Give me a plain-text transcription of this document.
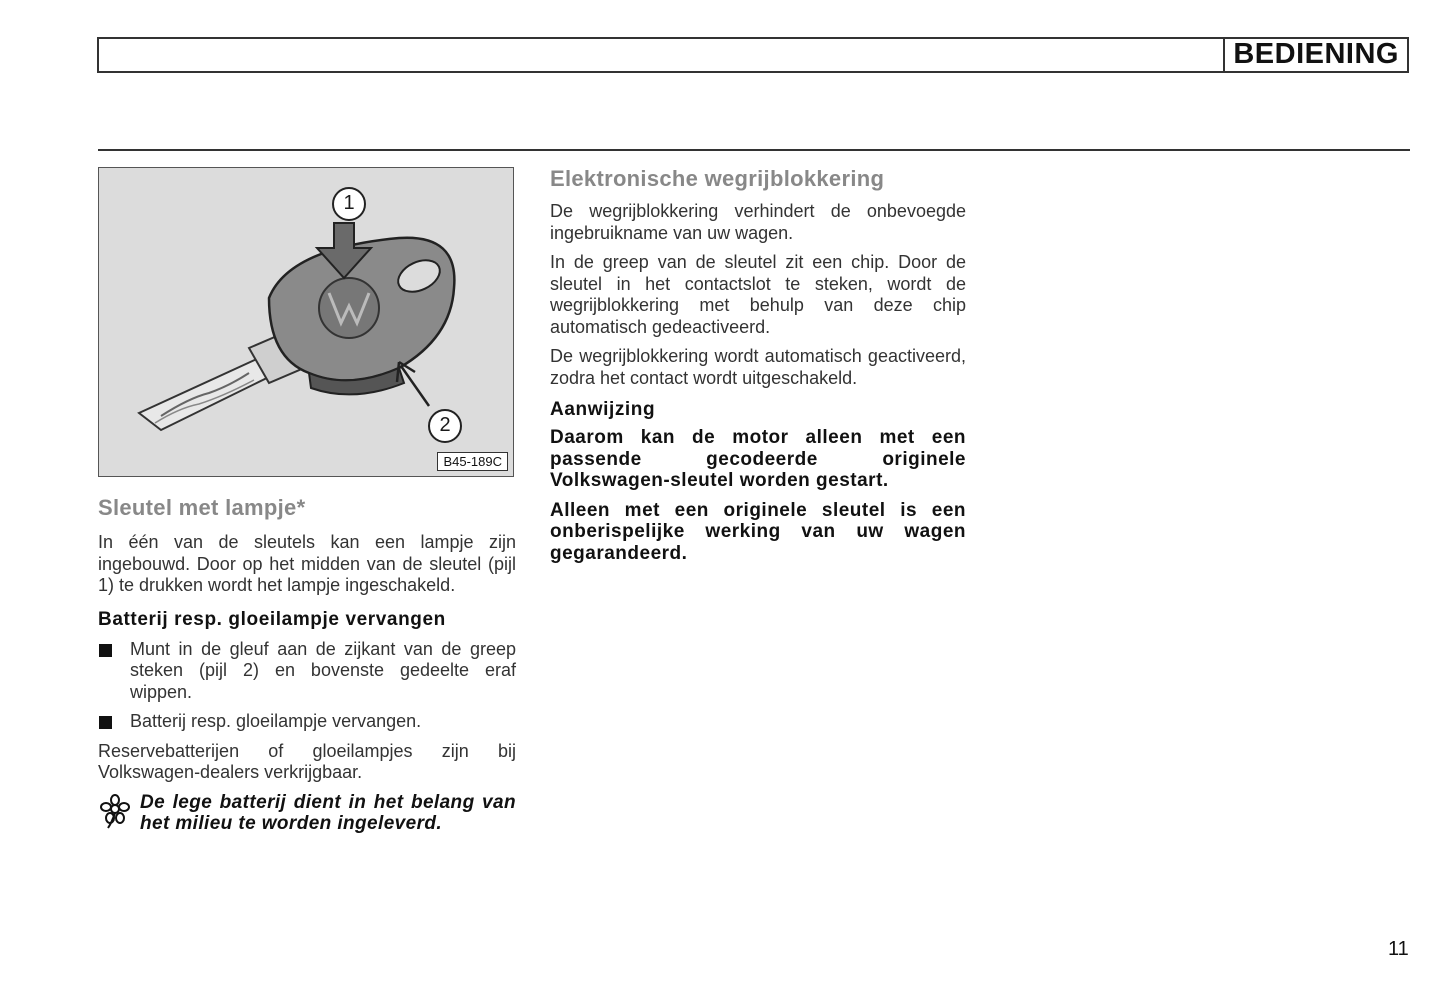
BEDIENING
1
2
B45-189C
Sleutel met lampje*

In één van de sleutels kan een lampje zijn ingebouwd. Door op het midden van de sleutel (pijl 1) te drukken wordt het lampje ingeschakeld.

Batterij resp. gloeilampje vervangen
Munt in de gleuf aan de zijkant van de greep steken (pijl 2) en bovenste gedeelte eraf wippen.
Batterij resp. gloeilampje vervangen.

Reservebatterijen of gloeilampjes zijn bij Volkswagen-dealers verkrijgbaar.

De lege batterij dient in het belang van het milieu te worden ingeleverd.
Elektronische wegrijblokkering

De wegrijblokkering verhindert de onbevoegde ingebruikname van uw wagen.

In de greep van de sleutel zit een chip. Door de sleutel in het contactslot te steken, wordt de wegrijblokkering met behulp van deze chip automatisch gedeactiveerd.

De wegrijblokkering wordt automatisch geactiveerd, zodra het contact wordt uitgeschakeld.

Aanwijzing

Daarom kan de motor alleen met een passende gecodeerde originele Volkswagen-sleutel worden gestart.

Alleen met een originele sleutel is een onberispelijke werking van uw wagen gegarandeerd.

11
